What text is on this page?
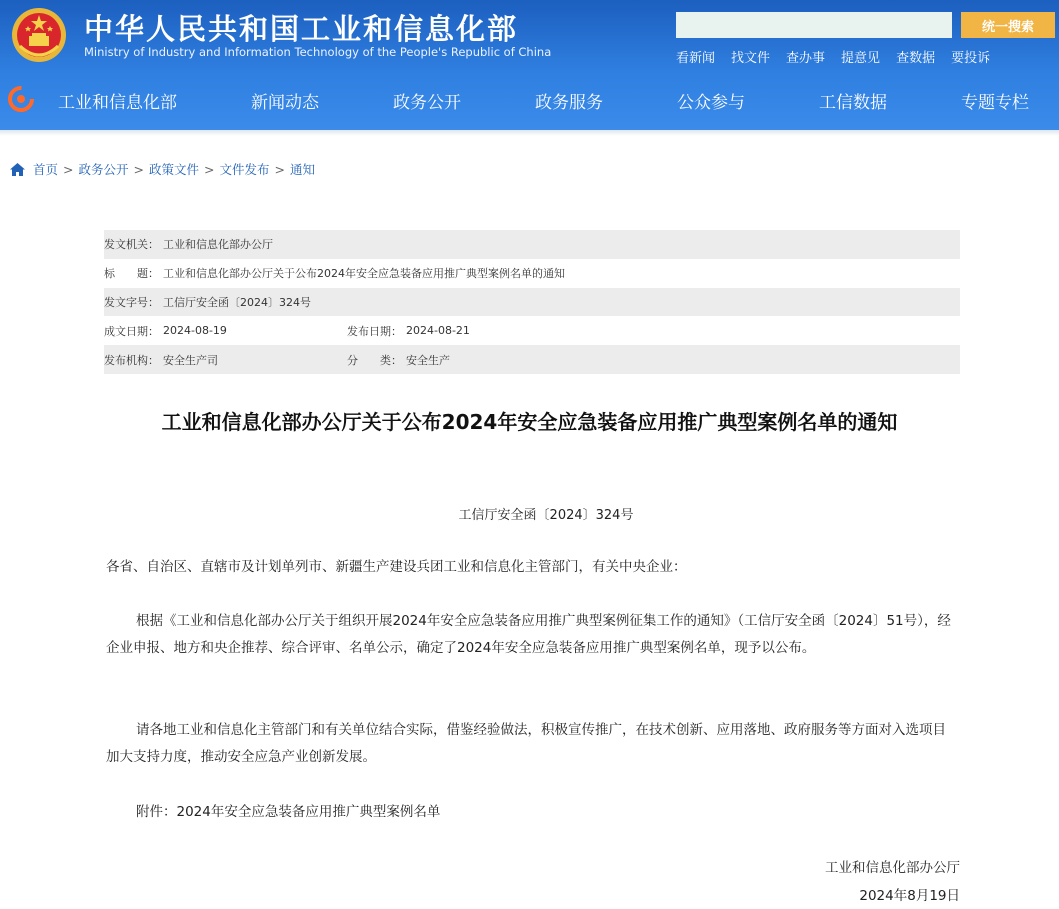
中华人民共和国工业和信息化部
Ministry of Industry and Information Technology of the People's Republic of China
统一搜索
看新闻 找文件 查办事 提意见 查数据 要投诉
工业和信息化部	新闻动态	政务公开	政务服务	公众参与	工信数据	专题专栏
首页 > 政务公开 > 政策文件 > 文件发布 > 通知
发文机关： 工业和信息化部办公厅
标　　题： 工业和信息化部办公厅关于公布2024年安全应急装备应用推广典型案例名单的通知
发文字号： 工信厅安全函〔2024〕324号
成文日期： 2024-08-19	发布日期： 2024-08-21
发布机构： 安全生产司	分　　类： 安全生产
工业和信息化部办公厅关于公布2024年安全应急装备应用推广典型案例名单的通知
工信厅安全函〔2024〕324号
各省、自治区、直辖市及计划单列市、新疆生产建设兵团工业和信息化主管部门，有关中央企业：
根据《工业和信息化部办公厅关于组织开展2024年安全应急装备应用推广典型案例征集工作的通知》（工信厅安全函〔2024〕51号），经企业申报、地方和央企推荐、综合评审、名单公示，确定了2024年安全应急装备应用推广典型案例名单，现予以公布。
请各地工业和信息化主管部门和有关单位结合实际，借鉴经验做法，积极宣传推广，在技术创新、应用落地、政府服务等方面对入选项目加大支持力度，推动安全应急产业创新发展。
附件：2024年安全应急装备应用推广典型案例名单
工业和信息化部办公厅
2024年8月19日
